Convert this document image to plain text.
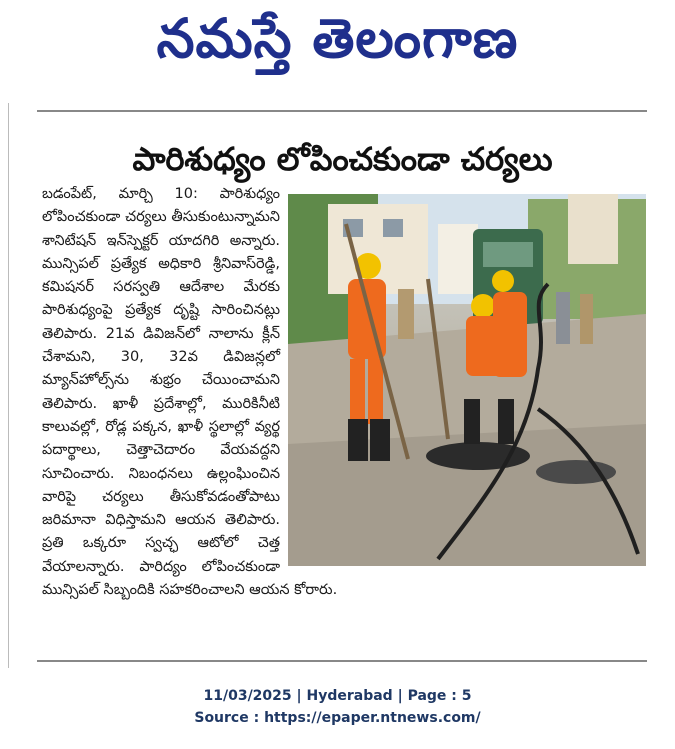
నమస్తే తెలంగాణ
పారిశుధ్యం లోపించకుండా చర్యలు
బడంపేట్, మార్చి 10: పారిశుధ్యం లోపించకుండా చర్యలు తీసుకుంటున్నామని శానిటేషన్ ఇన్‌స్పెక్టర్ యాదగిరి అన్నారు. మున్సిపల్ ప్రత్యేక అధికారి శ్రీనివాస్‌రెడ్డి, కమిషనర్ సరస్వతి ఆదేశాల మేరకు పారిశుధ్యంపై ప్రత్యేక దృష్టి సారించినట్లు తెలిపారు. 21వ డివిజన్‌లో నాలాను క్లీన్ చేశామని, 30, 32వ డివిజన్లలో మ్యాన్‌హోల్స్‌ను శుభ్రం చేయించామని తెలిపారు. ఖాళీ ప్రదేశాల్లో, మురికినీటి కాలువల్లో, రోడ్ల పక్కన, ఖాళీ స్థలాల్లో వ్యర్థ పదార్థాలు, చెత్తాచెదారం వేయవద్దని సూచించారు. నిబంధనలు ఉల్లంఘించిన వారిపై చర్యలు తీసుకోవడంతోపాటు జరిమానా విధిస్తామని ఆయన తెలిపారు. ప్రతి ఒక్కరూ స్వచ్ఛ ఆటోలో చెత్త వేయాలన్నారు. పారిద్యం లోపించకుండా మున్సిపల్ సిబ్బందికి సహకరించాలని ఆయన కోరారు.
11/03/2025 | Hyderabad | Page : 5
Source : https://epaper.ntnews.com/
